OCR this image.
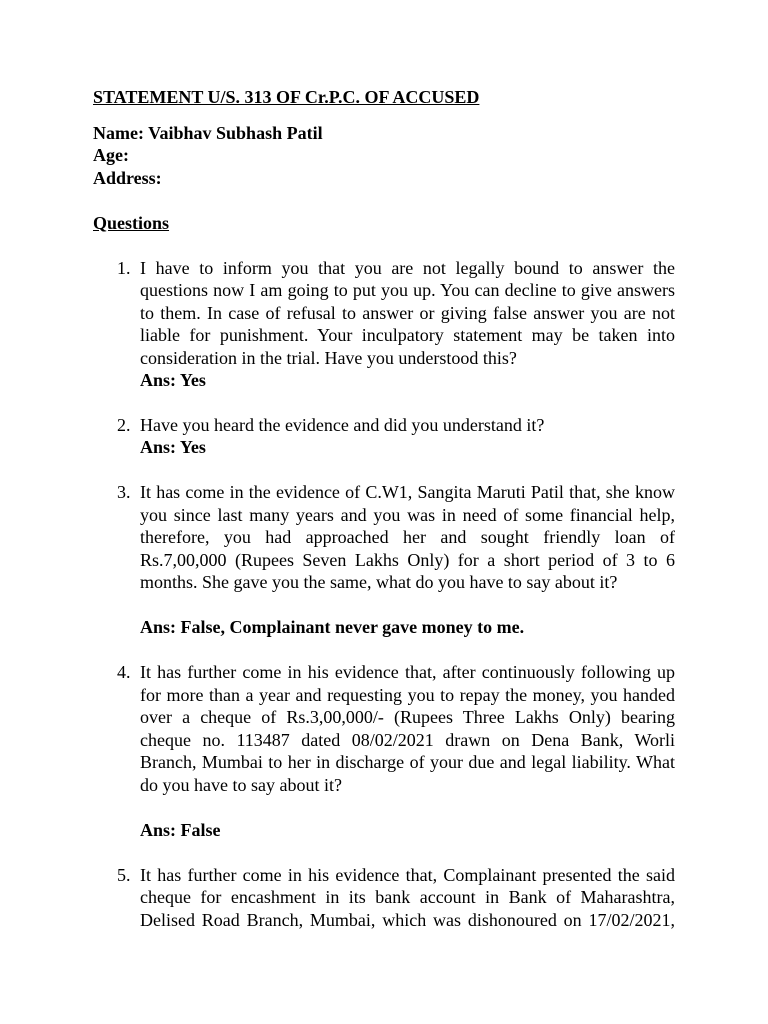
STATEMENT U/S. 313 OF Cr.P.C. OF ACCUSED
Name: Vaibhav Subhash Patil
Age:
Address:
Questions
1. I have to inform you that you are not legally bound to answer the
questions now I am going to put you up. You can decline to give answers
to them. In case of refusal to answer or giving false answer you are not
liable for punishment. Your inculpatory statement may be taken into
consideration in the trial. Have you understood this?
Ans: Yes
2. Have you heard the evidence and did you understand it?
Ans: Yes
3. It has come in the evidence of C.W1, Sangita Maruti Patil that, she know
you since last many years and you was in need of some financial help,
therefore, you had approached her and sought friendly loan of
Rs.7,00,000 (Rupees Seven Lakhs Only) for a short period of 3 to 6
months. She gave you the same, what do you have to say about it?
Ans: False, Complainant never gave money to me.
4. It has further come in his evidence that, after continuously following up
for more than a year and requesting you to repay the money, you handed
over a cheque of Rs.3,00,000/- (Rupees Three Lakhs Only) bearing
cheque no. 113487 dated 08/02/2021 drawn on Dena Bank, Worli
Branch, Mumbai to her in discharge of your due and legal liability. What
do you have to say about it?
Ans: False
5. It has further come in his evidence that, Complainant presented the said
cheque for encashment in its bank account in Bank of Maharashtra,
Delised Road Branch, Mumbai, which was dishonoured on 17/02/2021,
